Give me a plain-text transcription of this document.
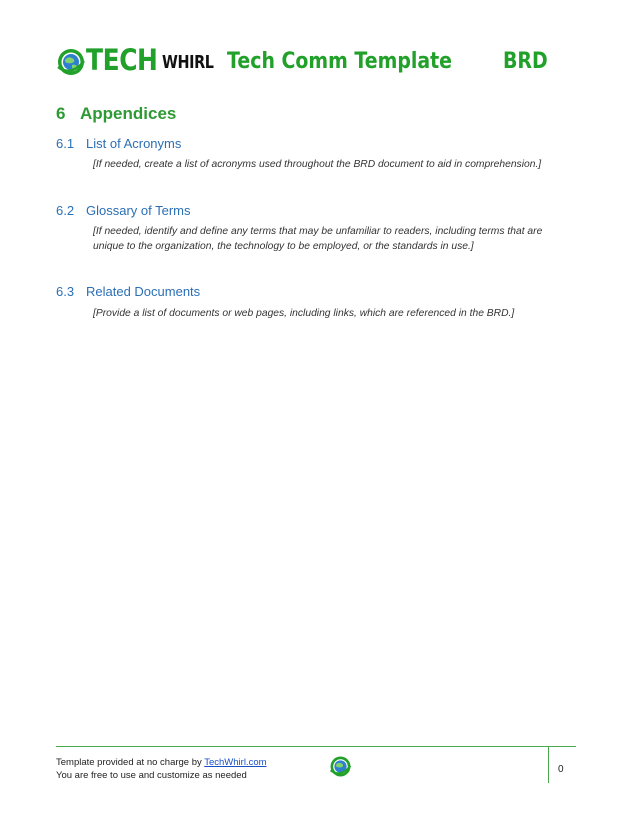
TECH WHIRL Tech Comm Template BRD
6 Appendices
6.1 List of Acronyms
[If needed, create a list of acronyms used throughout the BRD document to aid in comprehension.]
6.2 Glossary of Terms
[If needed, identify and define any terms that may be unfamiliar to readers, including terms that are unique to the organization, the technology to be employed, or the standards in use.]
6.3 Related Documents
[Provide a list of documents or web pages, including links, which are referenced in the BRD.]
Template provided at no charge by TechWhirl.com
You are free to use and customize as needed
0
